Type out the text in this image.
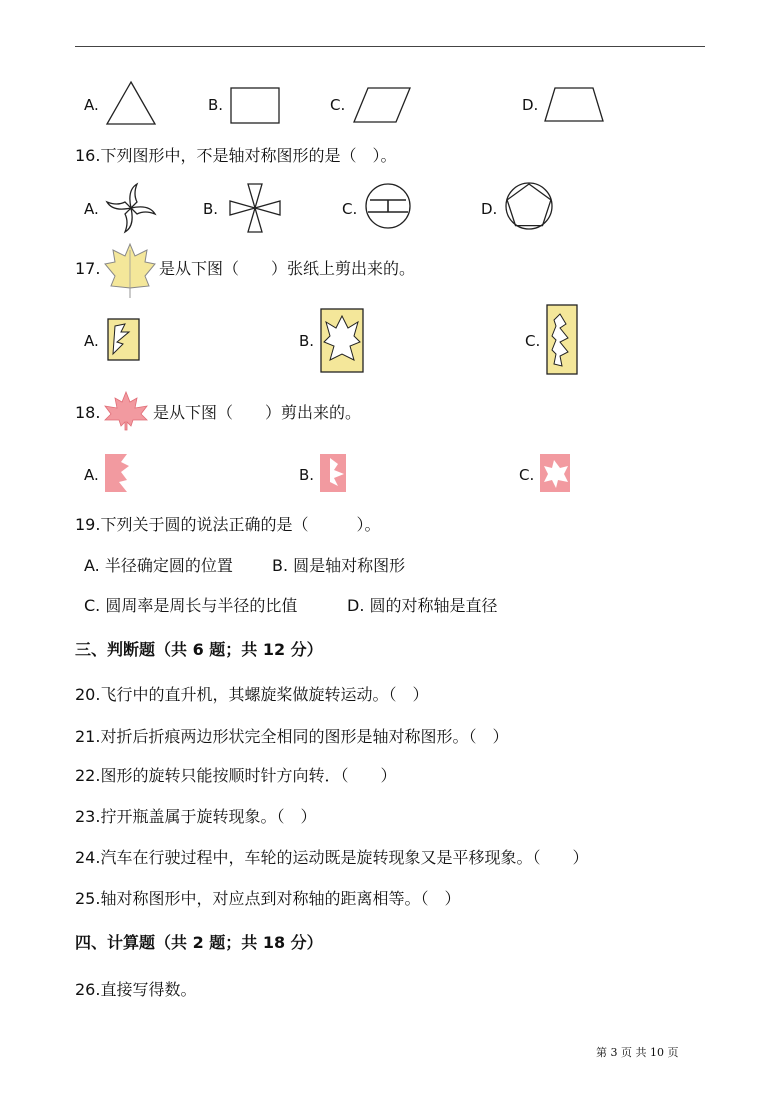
A.	B.	C.	D.
16.下列图形中，不是轴对称图形的是（　）。
A.	B.	C.	D.
17.	是从下图（　　）张纸上剪出来的。
A.	B.	C.
18.	是从下图（　　）剪出来的。
A.	B.	C.
19.下列关于圆的说法正确的是（　　　）。
A. 半径确定圆的位置 B. 圆是轴对称图形
C. 圆周率是周长与半径的比值	D. 圆的对称轴是直径
三、判断题（共 6 题；共 12 分）
20.飞行中的直升机，其螺旋桨做旋转运动。（　）
21.对折后折痕两边形状完全相同的图形是轴对称图形。（　）
22.图形的旋转只能按顺时针方向转．（　　）
23.拧开瓶盖属于旋转现象。（　）
24.汽车在行驶过程中，车轮的运动既是旋转现象又是平移现象。（　　）
25.轴对称图形中，对应点到对称轴的距离相等。（　）
四、计算题（共 2 题；共 18 分）
26.直接写得数。
第 3 页 共 10 页
